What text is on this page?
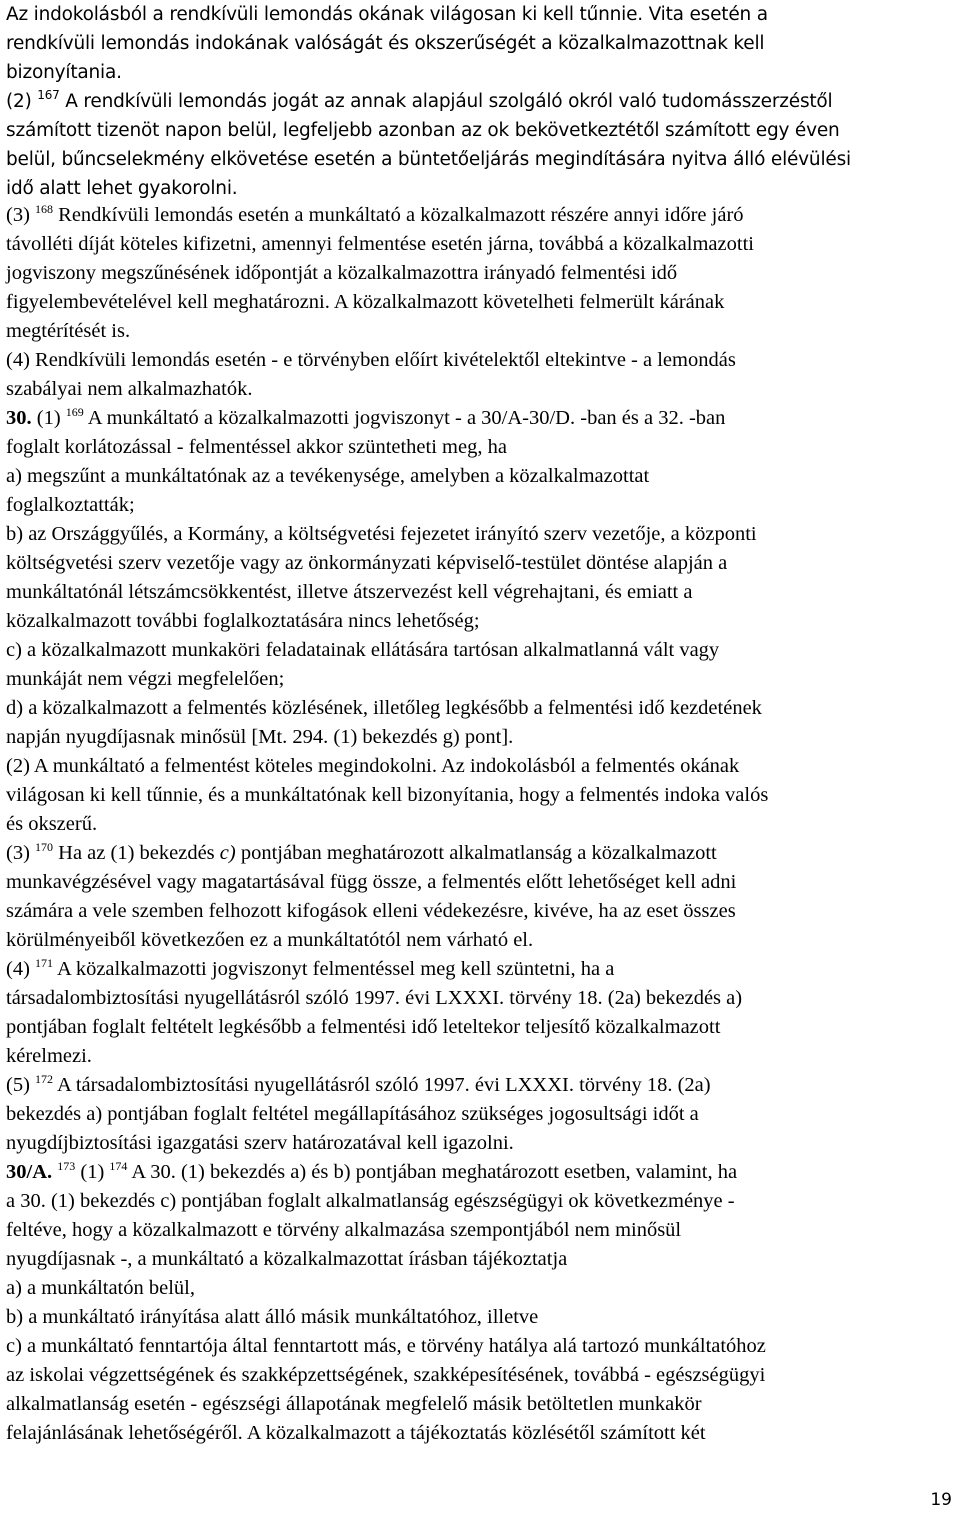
Az indokolásból a rendkívüli lemondás okának világosan ki kell tűnnie. Vita esetén a
rendkívüli lemondás indokának valóságát és okszerűségét a közalkalmazottnak kell
bizonyítania.
(2) $^{167}$ A rendkívüli lemondás jogát az annak alapjául szolgáló okról való tudomásszerzéstől
számított tizenöt napon belül, legfeljebb azonban az ok bekövetkeztétől számított egy éven
belül, bűncselekmény elkövetése esetén a büntetőeljárás megindítására nyitva álló elévülési
idő alatt lehet gyakorolni.
(3) $^{168}$ Rendkívüli lemondás esetén a munkáltató a közalkalmazott részére annyi időre járó
távolléti díját köteles kifizetni, amennyi felmentése esetén járna, továbbá a közalkalmazotti
jogviszony megszűnésének időpontját a közalkalmazottra irányadó felmentési idő
figyelembevételével kell meghatározni. A közalkalmazott követelheti felmerült kárának
megtérítését is.
(4) Rendkívüli lemondás esetén - e törvényben előírt kivételektől eltekintve - a lemondás
szabályai nem alkalmazhatók.
30. (1) $^{169}$ A munkáltató a közalkalmazotti jogviszonyt - a 30/A-30/D. -ban és a 32. -ban
foglalt korlátozással - felmentéssel akkor szüntetheti meg, ha
a) megszűnt a munkáltatónak az a tevékenysége, amelyben a közalkalmazottat
foglalkoztatták;
b) az Országgyűlés, a Kormány, a költségvetési fejezetet irányító szerv vezetője, a központi
költségvetési szerv vezetője vagy az önkormányzati képviselő-testület döntése alapján a
munkáltatónál létszámcsökkentést, illetve átszervezést kell végrehajtani, és emiatt a
közalkalmazott további foglalkoztatására nincs lehetőség;
c) a közalkalmazott munkaköri feladatainak ellátására tartósan alkalmatlanná vált vagy
munkáját nem végzi megfelelően;
d) a közalkalmazott a felmentés közlésének, illetőleg legkésőbb a felmentési idő kezdetének
napján nyugdíjasnak minősül [Mt. 294. (1) bekezdés g) pont].
(2) A munkáltató a felmentést köteles megindokolni. Az indokolásból a felmentés okának
világosan ki kell tűnnie, és a munkáltatónak kell bizonyítania, hogy a felmentés indoka valós
és okszerű.
(3) $^{170}$ Ha az (1) bekezdés c) pontjában meghatározott alkalmatlanság a közalkalmazott
munkavégzésével vagy magatartásával függ össze, a felmentés előtt lehetőséget kell adni
számára a vele szemben felhozott kifogások elleni védekezésre, kivéve, ha az eset összes
körülményeiből következően ez a munkáltatótól nem várható el.
(4) $^{171}$ A közalkalmazotti jogviszonyt felmentéssel meg kell szüntetni, ha a
társadalombiztosítási nyugellátásról szóló 1997. évi LXXXI. törvény 18. (2a) bekezdés a)
pontjában foglalt feltételt legkésőbb a felmentési idő leteltekor teljesítő közalkalmazott
kérelmezi.
(5) $^{172}$ A társadalombiztosítási nyugellátásról szóló 1997. évi LXXXI. törvény 18. (2a)
bekezdés a) pontjában foglalt feltétel megállapításához szükséges jogosultsági időt a
nyugdíjbiztosítási igazgatási szerv határozatával kell igazolni.
30/A. $^{173}$ (1) $^{174}$ A 30. (1) bekezdés a) és b) pontjában meghatározott esetben, valamint, ha
a 30. (1) bekezdés c) pontjában foglalt alkalmatlanság egészségügyi ok következménye -
feltéve, hogy a közalkalmazott e törvény alkalmazása szempontjából nem minősül
nyugdíjasnak -, a munkáltató a közalkalmazottat írásban tájékoztatja
a) a munkáltatón belül,
b) a munkáltató irányítása alatt álló másik munkáltatóhoz, illetve
c) a munkáltató fenntartója által fenntartott más, e törvény hatálya alá tartozó munkáltatóhoz
az iskolai végzettségének és szakképzettségének, szakképesítésének, továbbá - egészségügyi
alkalmatlanság esetén - egészségi állapotának megfelelő másik betöltetlen munkakör
felajánlásának lehetőségéről. A közalkalmazott a tájékoztatás közlésétől számított két
19
